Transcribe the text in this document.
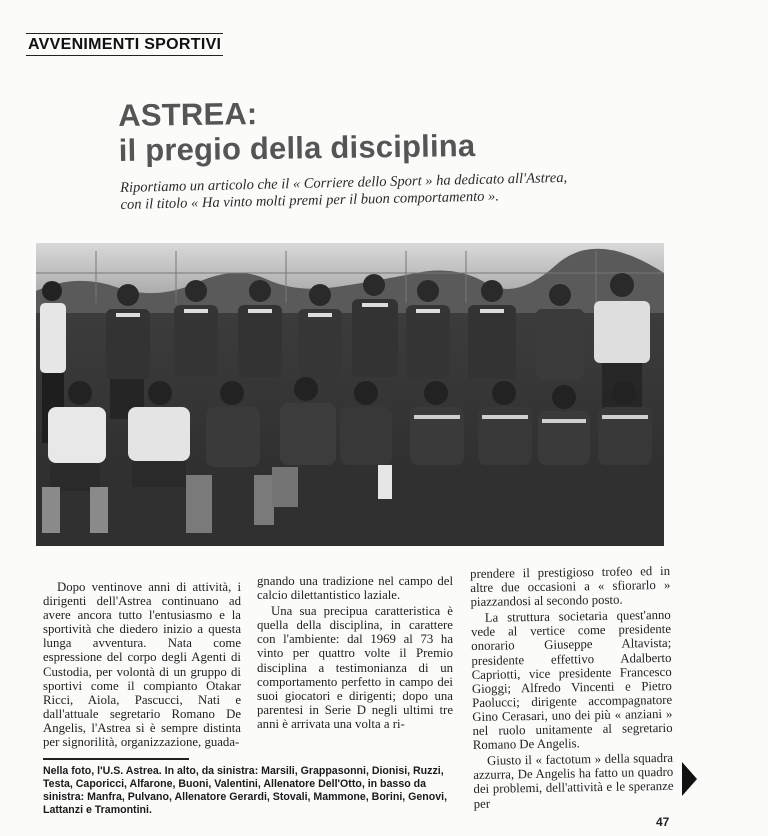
AVVENIMENTI SPORTIVI
ASTREA:
il pregio della disciplina
Riportiamo un articolo che il « Corriere dello Sport » ha dedicato all'Astrea, con il titolo « Ha vinto molti premi per il buon comportamento ».

Dopo ventinove anni di attività, i dirigenti dell'Astrea continuano ad avere ancora tutto l'entusiasmo e la sportività che diedero inizio a questa lunga avventura. Nata come espressione del corpo degli Agenti di Custodia, per volontà di un gruppo di sportivi come il compianto Otakar Ricci, Aiola, Pascucci, Nati e dall'attuale segretario Romano De Angelis, l'Astrea si è sempre distinta per signorilità, organizzazione, guada-

gnando una tradizione nel campo del calcio dilettantistico laziale.

Una sua precipua caratteristica è quella della disciplina, in carattere con l'ambiente: dal 1969 al 73 ha vinto per quattro volte il Premio disciplina a testimonianza di un comportamento perfetto in campo dei suoi giocatori e dirigenti; dopo una parentesi in Serie D negli ultimi tre anni è arrivata una volta a ri-

prendere il prestigioso trofeo ed in altre due occasioni a « sfiorarlo » piazzandosi al secondo posto.

La struttura societaria quest'anno vede al vertice come presidente onorario Giuseppe Altavista; presidente effettivo Adalberto Capriotti, vice presidente Francesco Gioggi; Alfredo Vincenti e Pietro Paolucci; dirigente accompagnatore Gino Cerasari, uno dei più « anziani » nel ruolo unitamente al segretario Romano De Angelis.

Giusto il « factotum » della squadra azzurra, De Angelis ha fatto un quadro dei problemi, dell'attività e le speranze per

Nella foto, l'U.S. Astrea. In alto, da sinistra: Marsili, Grappasonni, Dionisi, Ruzzi, Testa, Caporicci, Alfarone, Buoni, Valentini, Allenatore Dell'Otto, in basso da sinistra: Manfra, Pulvano, Allenatore Gerardi, Stovali, Mammone, Borini, Genovi, Lattanzi e Tramontini.
47
